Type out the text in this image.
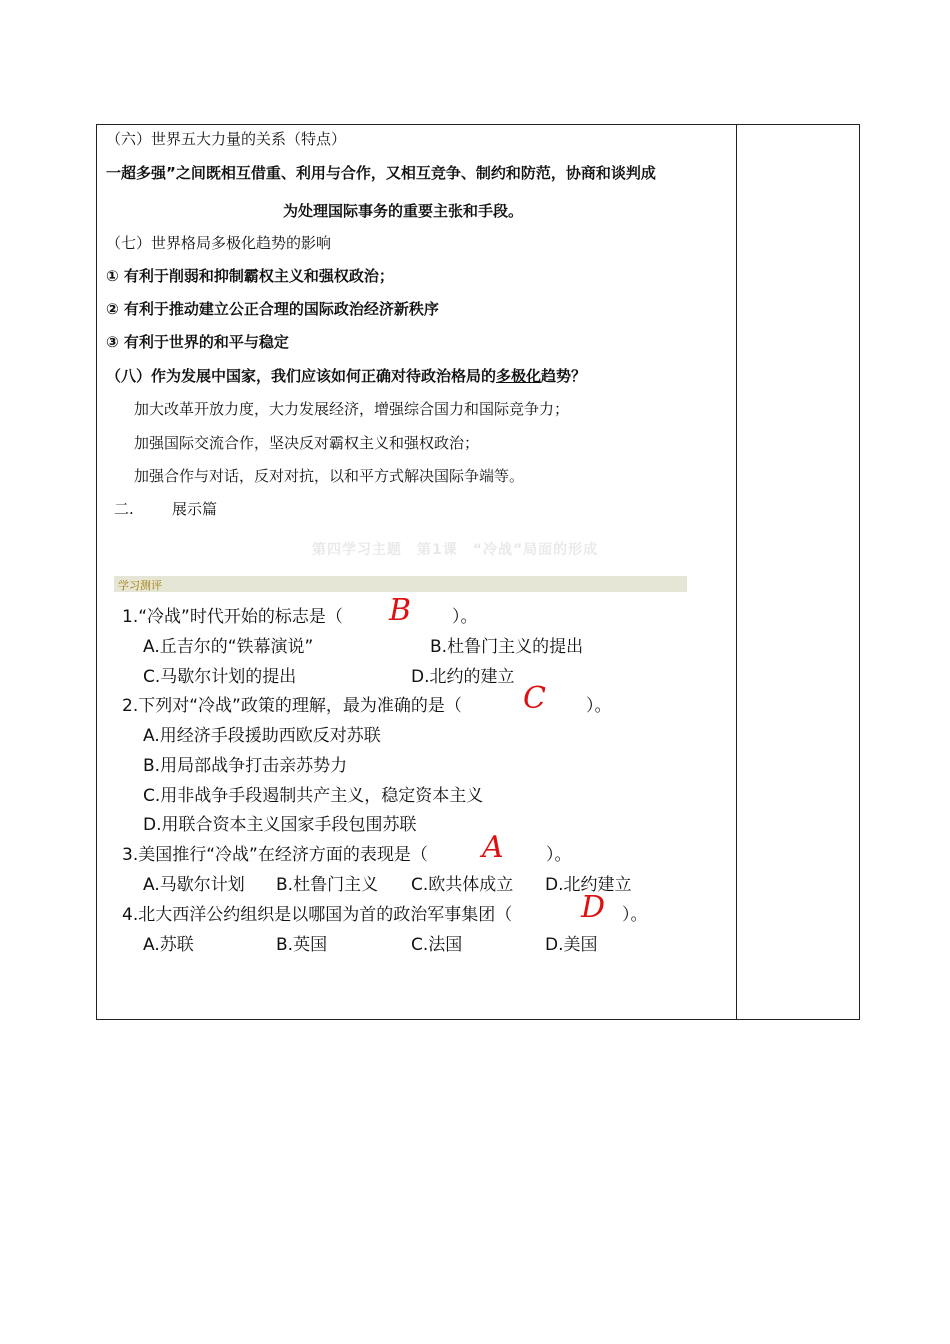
（六）世界五大力量的关系（特点）
一超多强”之间既相互借重、利用与合作，又相互竞争、制约和防范，协商和谈判成
为处理国际事务的重要主张和手段。
（七）世界格局多极化趋势的影响
① 有利于削弱和抑制霸权主义和强权政治；
② 有利于推动建立公正合理的国际政治经济新秩序
③ 有利于世界的和平与稳定
（八）作为发展中国家，我们应该如何正确对待政治格局的多极化趋势？
加大改革开放力度，大力发展经济，增强综合国力和国际竞争力；
加强国际交流合作，坚决反对霸权主义和强权政治；
加强合作与对话，反对对抗，以和平方式解决国际争端等。
二.	展示篇
第四学习主题　第1课　“冷战”局面的形成
学习测评
1.“冷战”时代开始的标志是（ B ）。
A.丘吉尔的“铁幕演说”	B.杜鲁门主义的提出
C.马歇尔计划的提出	D.北约的建立
2.下列对“冷战”政策的理解，最为准确的是（ C ）。
A.用经济手段援助西欧反对苏联
B.用局部战争打击亲苏势力
C.用非战争手段遏制共产主义，稳定资本主义
D.用联合资本主义国家手段包围苏联
3.美国推行“冷战”在经济方面的表现是（ A ）。
A.马歇尔计划 B.杜鲁门主义 C.欧共体成立 D.北约建立
4.北大西洋公约组织是以哪国为首的政治军事集团（ D ）。
A.苏联	B.英国	C.法国	D.美国
